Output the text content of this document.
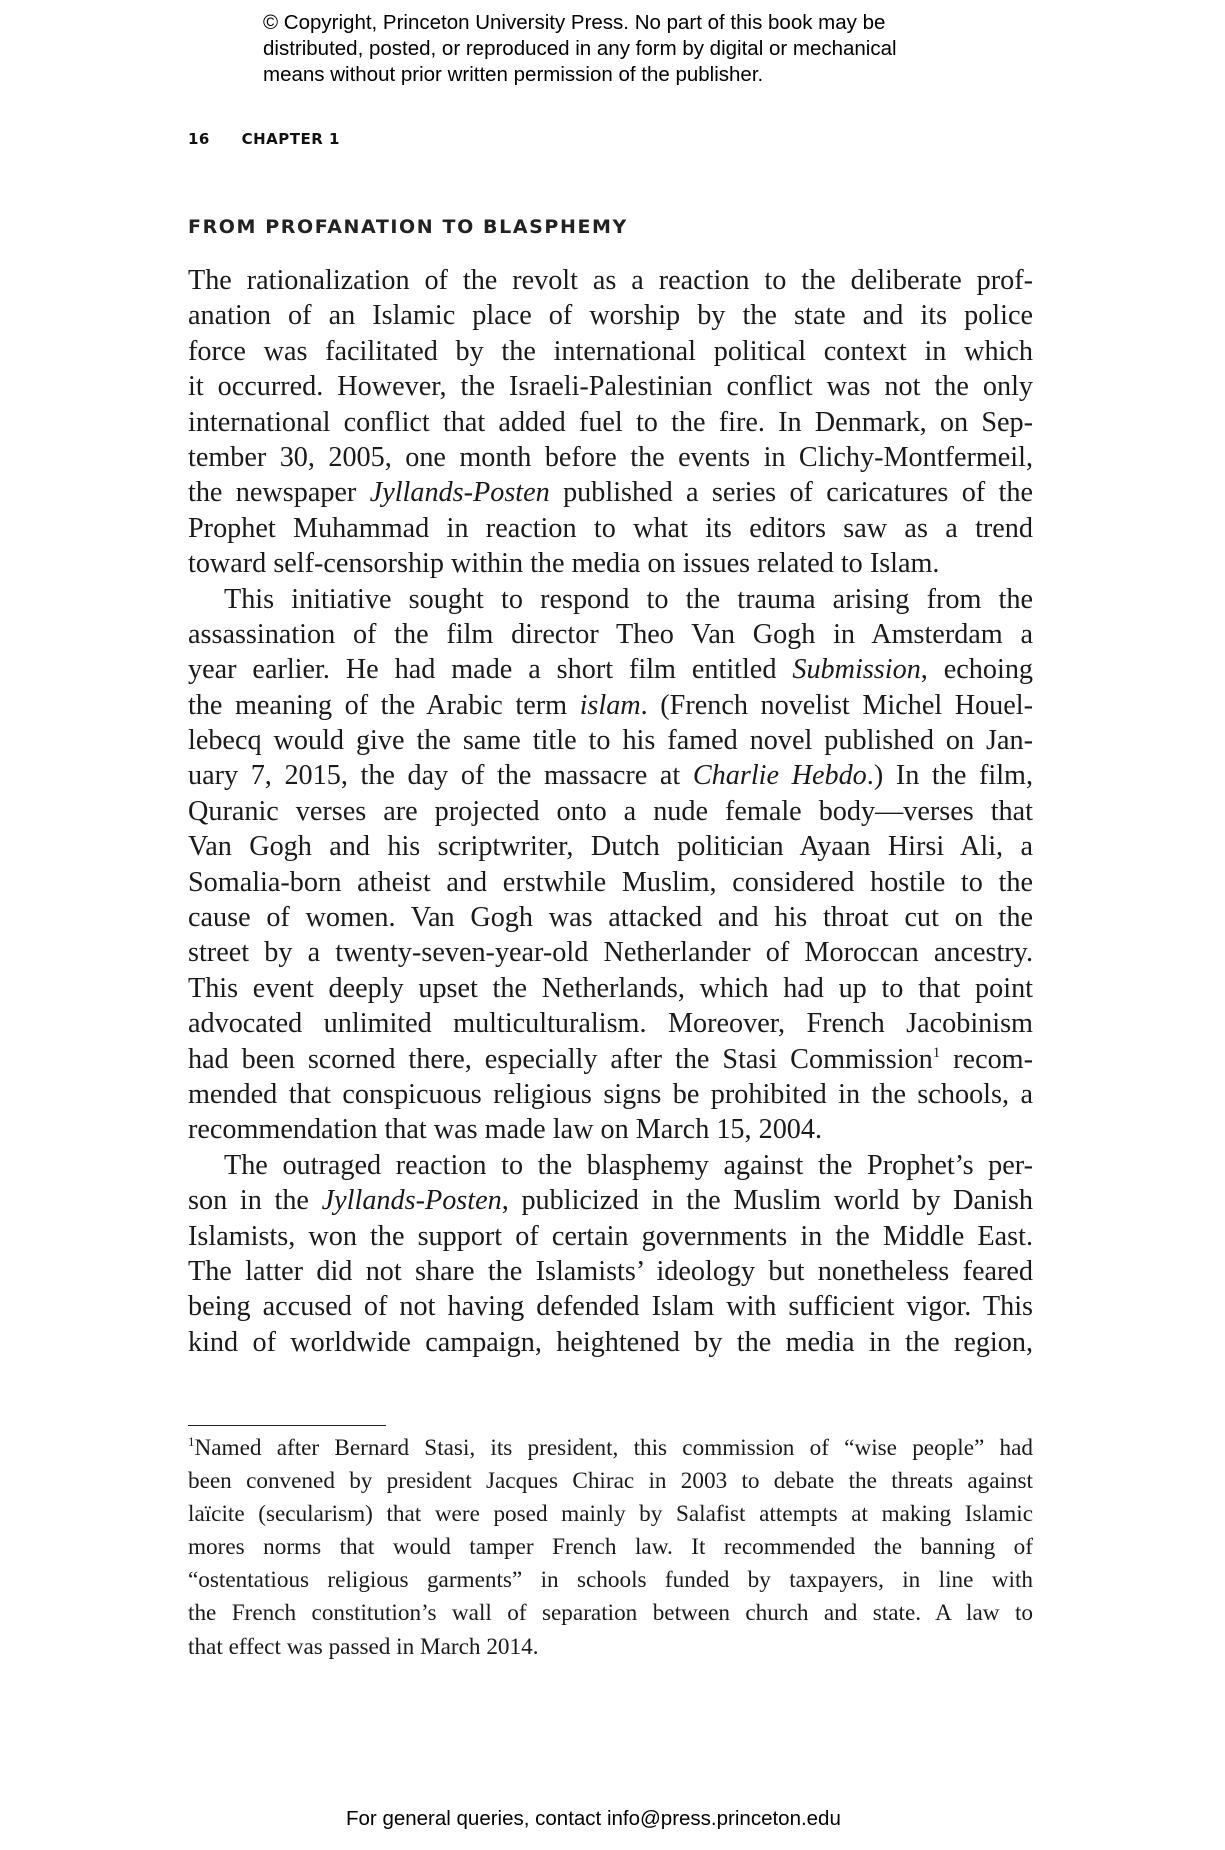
© Copyright, Princeton University Press. No part of this book may be
distributed, posted, or reproduced in any form by digital or mechanical
means without prior written permission of the publisher.
16 CHAPTER 1
FROM PROFANATION TO BLASPHEMY
The rationalization of the revolt as a reaction to the deliberate prof-
anation of an Islamic place of worship by the state and its police
force was facilitated by the international political context in which
it occurred. However, the Israeli-Palestinian conflict was not the only
international conflict that added fuel to the fire. In Denmark, on Sep-
tember 30, 2005, one month before the events in Clichy-Montfermeil,
the newspaper Jyllands-Posten published a series of caricatures of the
Prophet Muhammad in reaction to what its editors saw as a trend
toward self-censorship within the media on issues related to Islam.
This initiative sought to respond to the trauma arising from the
assassination of the film director Theo Van Gogh in Amsterdam a
year earlier. He had made a short film entitled Submission, echoing
the meaning of the Arabic term islam. (French novelist Michel Houel-
lebecq would give the same title to his famed novel published on Jan-
uary 7, 2015, the day of the massacre at Charlie Hebdo.) In the film,
Quranic verses are projected onto a nude female body—verses that
Van Gogh and his scriptwriter, Dutch politician Ayaan Hirsi Ali, a
Somalia-born atheist and erstwhile Muslim, considered hostile to the
cause of women. Van Gogh was attacked and his throat cut on the
street by a twenty-seven-year-old Netherlander of Moroccan ancestry.
This event deeply upset the Netherlands, which had up to that point
advocated unlimited multiculturalism. Moreover, French Jacobinism
had been scorned there, especially after the Stasi Commission$^1$ recom-
mended that conspicuous religious signs be prohibited in the schools, a
recommendation that was made law on March 15, 2004.
The outraged reaction to the blasphemy against the Prophet’s per-
son in the Jyllands-Posten, publicized in the Muslim world by Danish
Islamists, won the support of certain governments in the Middle East.
The latter did not share the Islamists’ ideology but nonetheless feared
being accused of not having defended Islam with sufficient vigor. This
kind of worldwide campaign, heightened by the media in the region,
$^1$Named after Bernard Stasi, its president, this commission of “wise people” had
been convened by president Jacques Chirac in 2003 to debate the threats against
laïcite (secularism) that were posed mainly by Salafist attempts at making Islamic
mores norms that would tamper French law. It recommended the banning of
“ostentatious religious garments” in schools funded by taxpayers, in line with
the French constitution’s wall of separation between church and state. A law to
that effect was passed in March 2014.
For general queries, contact info@press.princeton.edu
